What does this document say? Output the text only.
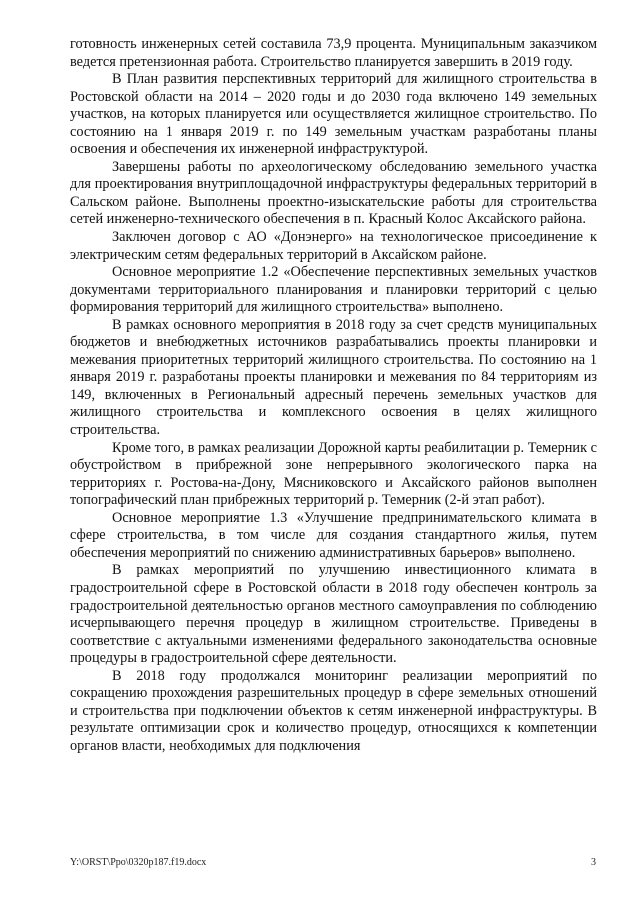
готовность инженерных сетей составила 73,9 процента. Муниципальным заказчиком ведется претензионная работа. Строительство планируется завершить в 2019 году.

В План развития перспективных территорий для жилищного строительства в Ростовской области на 2014 – 2020 годы и до 2030 года включено 149 земельных участков, на которых планируется или осуществляется жилищное строительство. По состоянию на 1 января 2019 г. по 149 земельным участкам разработаны планы освоения и обеспечения их инженерной инфраструктурой.

Завершены работы по археологическому обследованию земельного участка для проектирования внутриплощадочной инфраструктуры федеральных территорий в Сальском районе. Выполнены проектно-изыскательские работы для строительства сетей инженерно-технического обеспечения в п. Красный Колос Аксайского района.

Заключен договор с АО «Донэнерго» на технологическое присоединение к электрическим сетям федеральных территорий в Аксайском районе.

Основное мероприятие 1.2 «Обеспечение перспективных земельных участков документами территориального планирования и планировки территорий с целью формирования территорий для жилищного строительства» выполнено.

В рамках основного мероприятия в 2018 году за счет средств муниципальных бюджетов и внебюджетных источников разрабатывались проекты планировки и межевания приоритетных территорий жилищного строительства. По состоянию на 1 января 2019 г. разработаны проекты планировки и межевания по 84 территориям из 149, включенных в Региональный адресный перечень земельных участков для жилищного строительства и комплексного освоения в целях жилищного строительства.

Кроме того, в рамках реализации Дорожной карты реабилитации р. Темерник с обустройством в прибрежной зоне непрерывного экологического парка на территориях г. Ростова-на-Дону, Мясниковского и Аксайского районов выполнен топографический план прибрежных территорий р. Темерник (2-й этап работ).

Основное мероприятие 1.3 «Улучшение предпринимательского климата в сфере строительства, в том числе для создания стандартного жилья, путем обеспечения мероприятий по снижению административных барьеров» выполнено.

В рамках мероприятий по улучшению инвестиционного климата в градостроительной сфере в Ростовской области в 2018 году обеспечен контроль за градостроительной деятельностью органов местного самоуправления по соблюдению исчерпывающего перечня процедур в жилищном строительстве. Приведены в соответствие с актуальными изменениями федерального законодательства основные процедуры в градостроительной сфере деятельности.

В 2018 году продолжался мониторинг реализации мероприятий по сокращению прохождения разрешительных процедур в сфере земельных отношений и строительства при подключении объектов к сетям инженерной инфраструктуры. В результате оптимизации срок и количество процедур, относящихся к компетенции органов власти, необходимых для подключения

Y:\ORST\Ppo\0320p187.f19.docx	3
